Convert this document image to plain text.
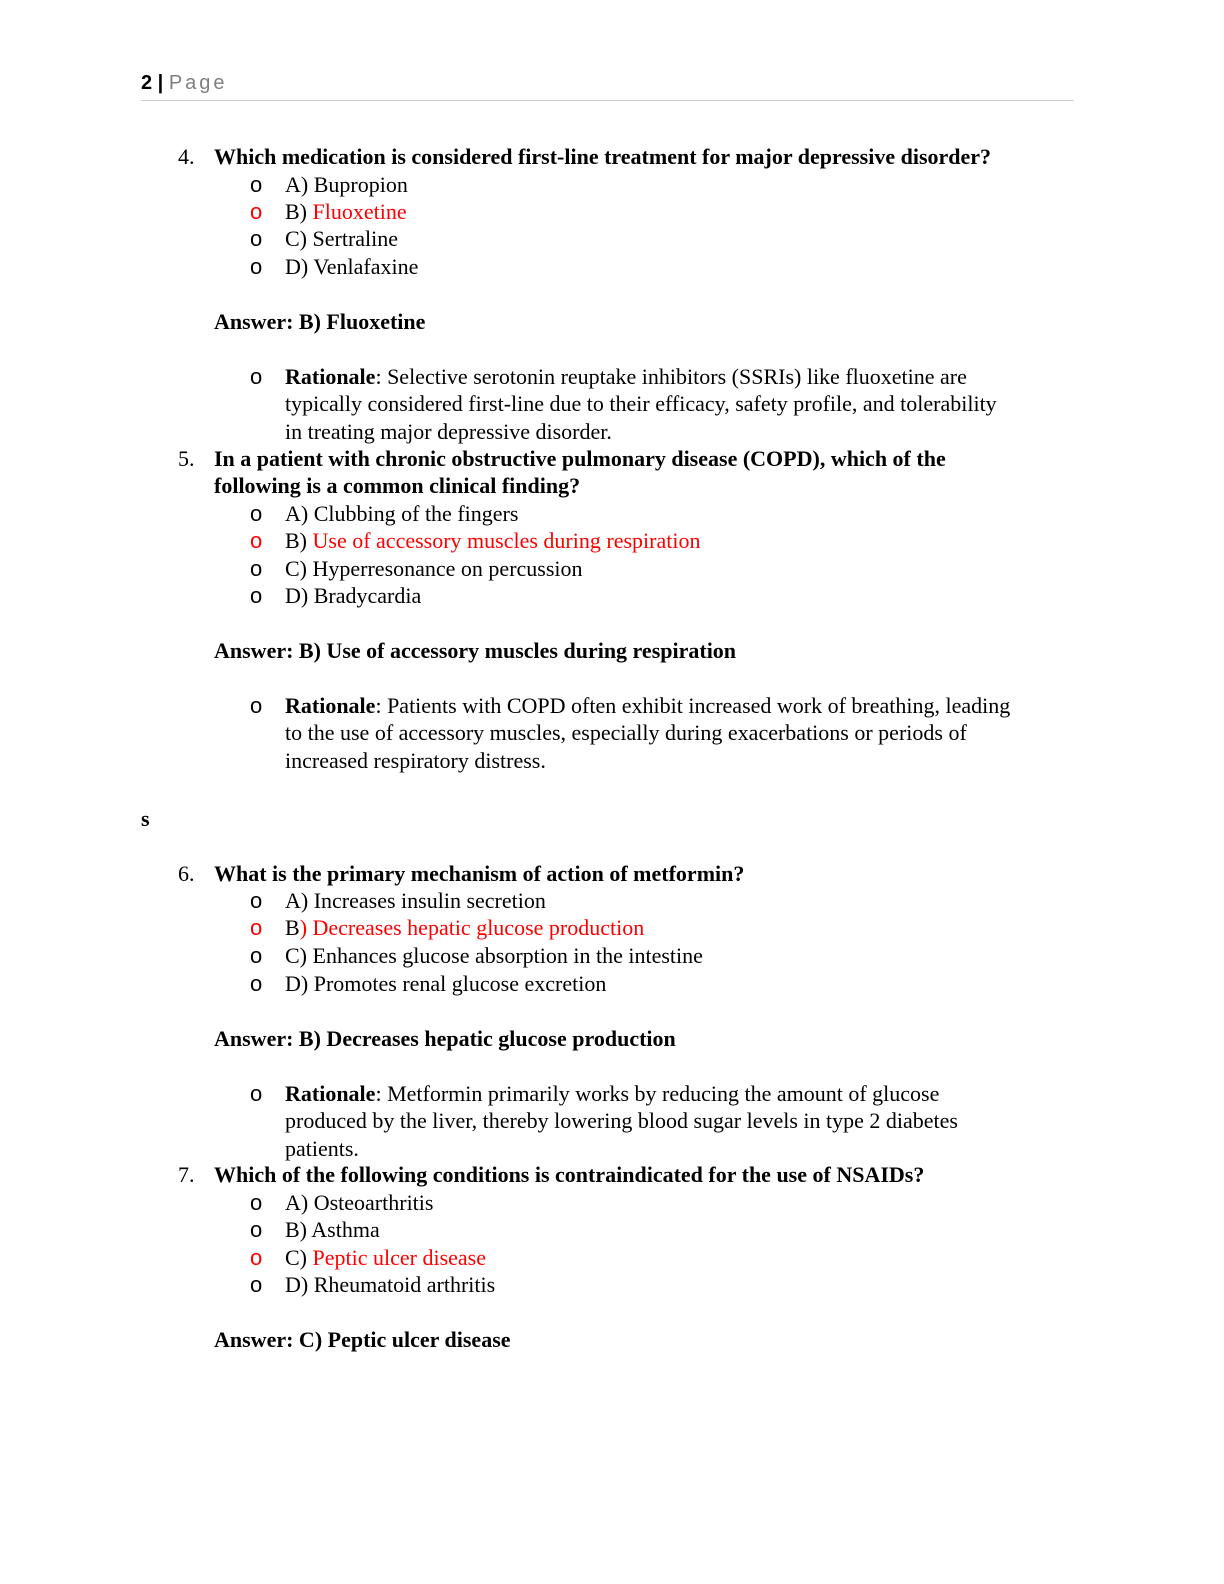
2 | Page
s
4. Which medication is considered first-line treatment for major depressive disorder?
o A) Bupropion
o B) Fluoxetine
o C) Sertraline
o D) Venlafaxine
Answer: B) Fluoxetine
o Rationale: Selective serotonin reuptake inhibitors (SSRIs) like fluoxetine are
typically considered first-line due to their efficacy, safety profile, and tolerability
in treating major depressive disorder.
5. In a patient with chronic obstructive pulmonary disease (COPD), which of the
following is a common clinical finding?
o A) Clubbing of the fingers
o B) Use of accessory muscles during respiration
o C) Hyperresonance on percussion
o D) Bradycardia
Answer: B) Use of accessory muscles during respiration
o Rationale: Patients with COPD often exhibit increased work of breathing, leading
to the use of accessory muscles, especially during exacerbations or periods of
increased respiratory distress.
6. What is the primary mechanism of action of metformin?
o A) Increases insulin secretion
o B) Decreases hepatic glucose production
o C) Enhances glucose absorption in the intestine
o D) Promotes renal glucose excretion
Answer: B) Decreases hepatic glucose production
o Rationale: Metformin primarily works by reducing the amount of glucose
produced by the liver, thereby lowering blood sugar levels in type 2 diabetes
patients.
7. Which of the following conditions is contraindicated for the use of NSAIDs?
o A) Osteoarthritis
o B) Asthma
o C) Peptic ulcer disease
o D) Rheumatoid arthritis
Answer: C) Peptic ulcer disease
